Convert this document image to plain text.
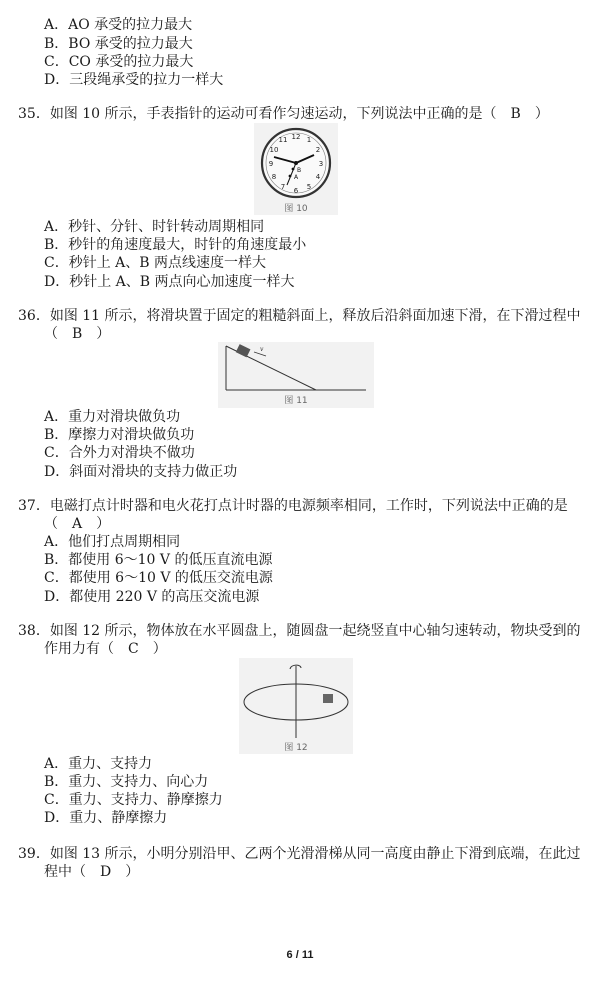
A．AO 承受的拉力最大
B．BO 承受的拉力最大
C．CO 承受的拉力最大
D．三段绳承受的拉力一样大
35．如图 10 所示，手表指针的运动可看作匀速运动，下列说法中正确的是（　B　）
12 1
2
3
4
5
6
7
8
9
10
11
B
A
图 10
A．秒针、分针、时针转动周期相同
B．秒针的角速度最大，时针的角速度最小
C．秒针上 A、B 两点线速度一样大
D．秒针上 A、B 两点向心加速度一样大
36．如图 11 所示，将滑块置于固定的粗糙斜面上，释放后沿斜面加速下滑，在下滑过程中
（　B　）
v
图 11
A．重力对滑块做负功
B．摩擦力对滑块做负功
C．合外力对滑块不做功
D．斜面对滑块的支持力做正功
37．电磁打点计时器和电火花打点计时器的电源频率相同，工作时，下列说法中正确的是
（　A　）
A．他们打点周期相同
B．都使用 6～10 V 的低压直流电源
C．都使用 6～10 V 的低压交流电源
D．都使用 220 V 的高压交流电源
38．如图 12 所示，物体放在水平圆盘上，随圆盘一起绕竖直中心轴匀速转动，物块受到的
作用力有（　C　）
图 12
A．重力、支持力
B．重力、支持力、向心力
C．重力、支持力、静摩擦力
D．重力、静摩擦力
39．如图 13 所示，小明分别沿甲、乙两个光滑滑梯从同一高度由静止下滑到底端，在此过
程中（　D　）
6 / 11
